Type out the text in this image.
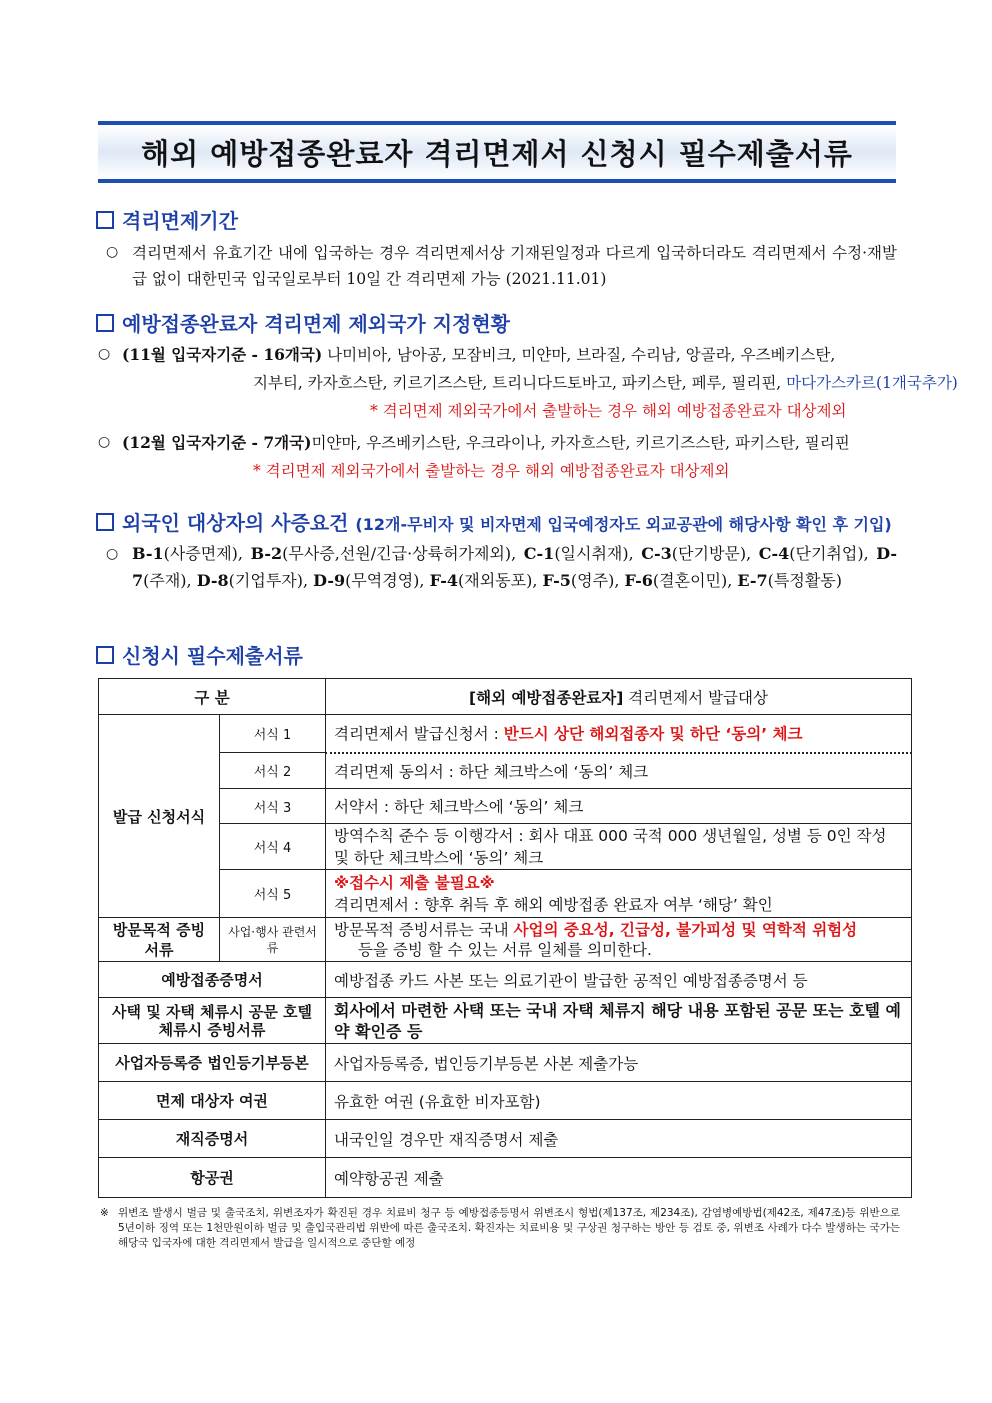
해외 예방접종완료자 격리면제서 신청시 필수제출서류
격리면제기간
○ 격리면제서 유효기간 내에 입국하는 경우 격리면제서상 기재된일정과 다르게 입국하더라도 격리면제서 수정·재발급 없이 대한민국 입국일로부터 10일 간 격리면제 가능 (2021.11.01)
예방접종완료자 격리면제 제외국가 지정현황
○ (11월 입국자기준 - 16개국) 나미비아, 남아공, 모잠비크, 미얀마, 브라질, 수리남, 앙골라, 우즈베키스탄,
지부티, 카자흐스탄, 키르기즈스탄, 트리니다드토바고, 파키스탄, 페루, 필리핀, 마다가스카르(1개국추가)
* 격리면제 제외국가에서 출발하는 경우 해외 예방접종완료자 대상제외
○ (12월 입국자기준 - 7개국)미얀마, 우즈베키스탄, 우크라이나, 카자흐스탄, 키르기즈스탄, 파키스탄, 필리핀
* 격리면제 제외국가에서 출발하는 경우 해외 예방접종완료자 대상제외
외국인 대상자의 사증요건 (12개-무비자 및 비자면제 입국예정자도 외교공관에 해당사항 확인 후 기입)
○ B-1(사증면제), B-2(무사증,선원/긴급·상륙허가제외), C-1(일시취재), C-3(단기방문), C-4(단기취업), D-7(주재), D-8(기업투자), D-9(무역경영), F-4(재외동포), F-5(영주), F-6(결혼이민), E-7(특정활동)
신청시 필수제출서류
구 분		[해외 예방접종완료자] 격리면제서 발급대상
발급 신청서식	서식 1	격리면제서 발급신청서 : 반드시 상단 해외접종자 및 하단 ‘동의’ 체크
	서식 2	격리면제 동의서 : 하단 체크박스에 ‘동의’ 체크
	서식 3	서약서 : 하단 체크박스에 ‘동의’ 체크
	서식 4	방역수칙 준수 등 이행각서 : 회사 대표 000 국적 000 생년월일, 성별 등 0인 작성 및 하단 체크박스에 ‘동의’ 체크
	서식 5	※접수시 제출 불필요※
격리면제서 : 향후 취득 후 해외 예방접종 완료자 여부 ‘해당’ 확인

방문목적 증빙서류	사업·행사 관련서류	방문목적 증빙서류는 국내 사업의 중요성, 긴급성, 불가피성 및 역학적 위험성
등을 증빙 할 수 있는 서류 일체를 의미한다.
예방접종증명서		예방접종 카드 사본 또는 의료기관이 발급한 공적인 예방접종증명서 등
사택 및 자택 체류시 공문 호텔 체류시 증빙서류		회사에서 마련한 사택 또는 국내 자택 체류지 해당 내용 포함된 공문 또는 호텔 예약 확인증 등
사업자등록증 법인등기부등본		사업자등록증, 법인등기부등본 사본 제출가능
면제 대상자 여권		유효한 여권 (유효한 비자포함)
재직증명서		내국인일 경우만 재직증명서 제출
항공권		예약항공권 제출
※ 위변조 발생시 벌금 및 출국조치, 위변조자가 확진된 경우 치료비 청구 등 예방접종등명서 위변조시 형법(제137조, 제234조), 감염병예방법(제42조, 제47조)등 위반으로 5년이하 징역 또는 1천만원이하 벌금 및 출입국관리법 위반에 따른 출국조치. 확진자는 치료비용 및 구상권 청구하는 방안 등 검토 중, 위변조 사례가 다수 발생하는 국가는 해당국 입국자에 대한 격리면제서 발급을 일시적으로 중단할 예정
